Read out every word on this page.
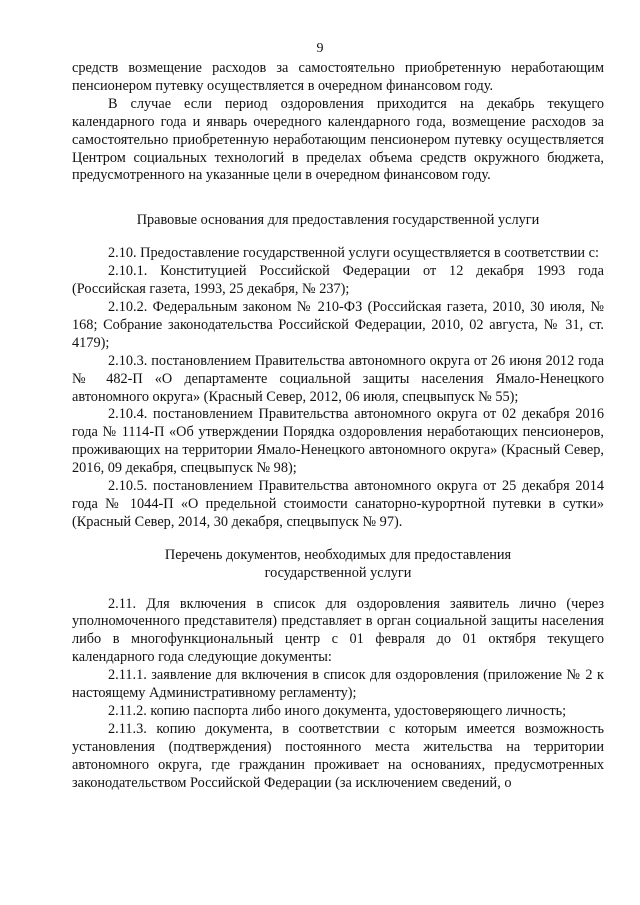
9

средств возмещение расходов за самостоятельно приобретенную неработающим пенсионером путевку осуществляется в очередном финансовом году.

В случае если период оздоровления приходится на декабрь текущего календарного года и январь очередного календарного года, возмещение расходов за самостоятельно приобретенную неработающим пенсионером путевку осуществляется Центром социальных технологий в пределах объема средств окружного бюджета, предусмотренного на указанные цели в очередном финансовом году.

Правовые основания для предоставления государственной услуги

2.10. Предоставление государственной услуги осуществляется в соответствии с:

2.10.1. Конституцией Российской Федерации от 12 декабря 1993 года (Российская газета, 1993, 25 декабря, № 237);

2.10.2. Федеральным законом № 210-ФЗ (Российская газета, 2010, 30 июля, № 168; Собрание законодательства Российской Федерации, 2010, 02 августа, № 31, ст. 4179);

2.10.3. постановлением Правительства автономного округа от 26 июня 2012 года № 482-П «О департаменте социальной защиты населения Ямало-Ненецкого автономного округа» (Красный Север, 2012, 06 июля, спецвыпуск № 55);

2.10.4. постановлением Правительства автономного округа от 02 декабря 2016 года № 1114-П «Об утверждении Порядка оздоровления неработающих пенсионеров, проживающих на территории Ямало-Ненецкого автономного округа» (Красный Север, 2016, 09 декабря, спецвыпуск № 98);

2.10.5. постановлением Правительства автономного округа от 25 декабря 2014 года № 1044-П «О предельной стоимости санаторно-курортной путевки в сутки» (Красный Север, 2014, 30 декабря, спецвыпуск № 97).

Перечень документов, необходимых для предоставления

государственной услуги

2.11. Для включения в список для оздоровления заявитель лично (через уполномоченного представителя) представляет в орган социальной защиты населения либо в многофункциональный центр с 01 февраля до 01 октября текущего календарного года следующие документы:

2.11.1. заявление для включения в список для оздоровления (приложение № 2 к настоящему Административному регламенту);

2.11.2. копию паспорта либо иного документа, удостоверяющего личность;

2.11.3. копию документа, в соответствии с которым имеется возможность установления (подтверждения) постоянного места жительства на территории автономного округа, где гражданин проживает на основаниях, предусмотренных законодательством Российской Федерации (за исключением сведений, о
